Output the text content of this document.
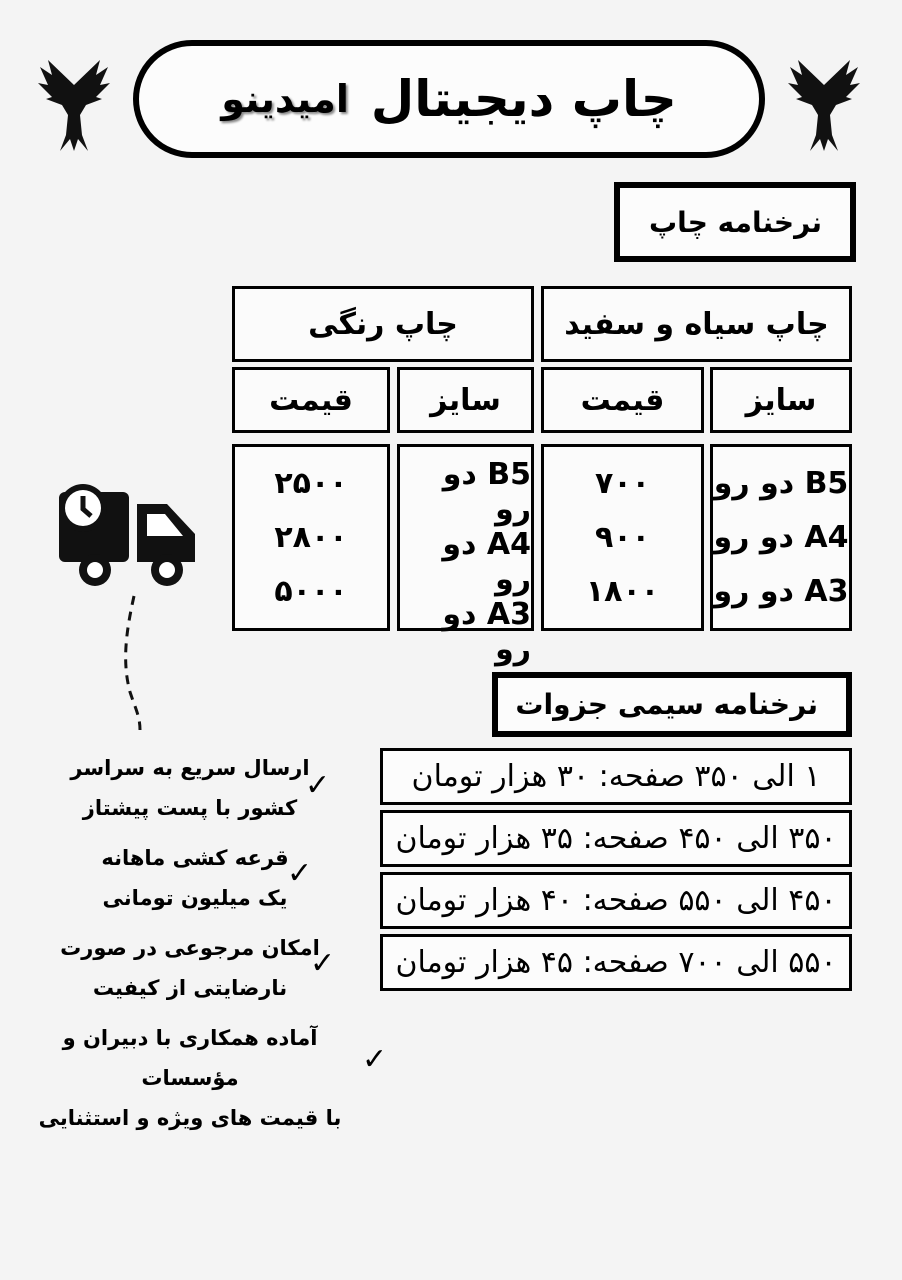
چاپ دیجیتال
امیدینو
نرخنامه چاپ
چاپ سیاه و سفید
چاپ رنگی
سایز
قیمت
سایز
قیمت
B5 دو رو
A4 دو رو
A3 دو رو
۷۰۰
۹۰۰
۱۸۰۰
B5 دو رو
A4 دو رو
A3 دو رو
۲۵۰۰
۲۸۰۰
۵۰۰۰
نرخنامه سیمی جزوات
۱ الی ۳۵۰ صفحه: ۳۰ هزار تومان
۳۵۰ الی ۴۵۰ صفحه: ۳۵ هزار تومان
۴۵۰ الی ۵۵۰ صفحه: ۴۰ هزار تومان
۵۵۰ الی ۷۰۰ صفحه: ۴۵ هزار تومان
ارسال سریع به سراسر
کشور با پست پیشتاز
✓
قرعه کشی ماهانه
یک میلیون تومانی
✓
امکان مرجوعی در صورت
نارضایتی از کیفیت
✓
آماده همکاری با دبیران و مؤسسات
با قیمت های ویژه و استثنایی
✓
